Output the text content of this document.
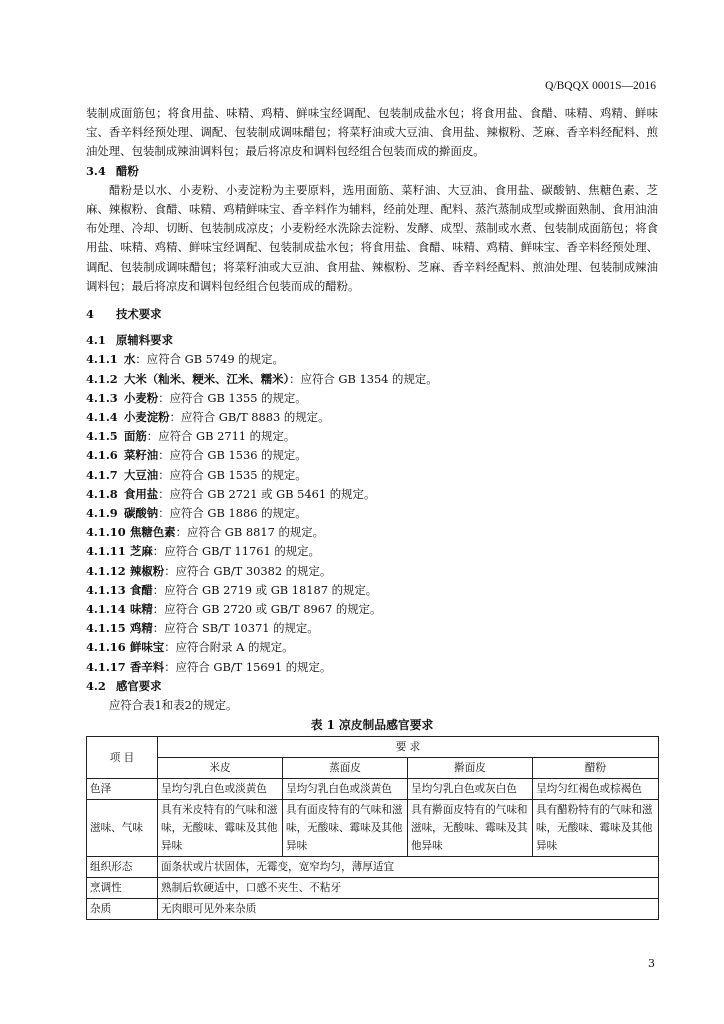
Q/BQQX 0001S—2016

装制成面筋包；将食用盐、味精、鸡精、鲜味宝经调配、包装制成盐水包；将食用盐、食醋、味精、鸡精、鲜味宝、香辛料经预处理、调配、包装制成调味醋包；将菜籽油或大豆油、食用盐、辣椒粉、芝麻、香辛料经配料、煎油处理、包装制成辣油调料包；最后将凉皮和调料包经组合包装而成的擀面皮。

3.4 醋粉

醋粉是以水、小麦粉、小麦淀粉为主要原料，选用面筋、菜籽油、大豆油、食用盐、碳酸钠、焦糖色素、芝麻、辣椒粉、食醋、味精、鸡精鲜味宝、香辛料作为辅料，经前处理、配料、蒸汽蒸制成型或擀面熟制、食用油油布处理、冷却、切断、包装制成凉皮；小麦粉经水洗除去淀粉、发酵、成型、蒸制或水煮、包装制成面筋包；将食用盐、味精、鸡精、鲜味宝经调配、包装制成盐水包；将食用盐、食醋、味精、鸡精、鲜味宝、香辛料经预处理、调配、包装制成调味醋包；将菜籽油或大豆油、食用盐、辣椒粉、芝麻、香辛料经配料、煎油处理、包装制成辣油调料包；最后将凉皮和调料包经组合包装而成的醋粉。

4 技术要求

4.1 原辅料要求

4.1.1 水：应符合 GB 5749 的规定。
4.1.2 大米（籼米、粳米、江米、糯米）：应符合 GB 1354 的规定。
4.1.3 小麦粉：应符合 GB 1355 的规定。
4.1.4 小麦淀粉：应符合 GB/T 8883 的规定。
4.1.5 面筋：应符合 GB 2711 的规定。
4.1.6 菜籽油：应符合 GB 1536 的规定。
4.1.7 大豆油：应符合 GB 1535 的规定。
4.1.8 食用盐：应符合 GB 2721 或 GB 5461 的规定。
4.1.9 碳酸钠：应符合 GB 1886 的规定。
4.1.10 焦糖色素：应符合 GB 8817 的规定。
4.1.11 芝麻：应符合 GB/T 11761 的规定。
4.1.12 辣椒粉：应符合 GB/T 30382 的规定。
4.1.13 食醋：应符合 GB 2719 或 GB 18187 的规定。
4.1.14 味精：应符合 GB 2720 或 GB/T 8967 的规定。
4.1.15 鸡精：应符合 SB/T 10371 的规定。
4.1.16 鲜味宝：应符合附录 A 的规定。
4.1.17 香辛料：应符合 GB/T 15691 的规定。

4.2 感官要求

应符合表1和表2的规定。

表 1 凉皮制品感官要求
项 目	要 求			
	米皮	蒸面皮	擀面皮	醋粉
色泽	呈均匀乳白色或淡黄色	呈均匀乳白色或淡黄色	呈均匀乳白色或灰白色	呈均匀红褐色或棕褐色
滋味、气味	具有米皮特有的气味和滋味，无酸味、霉味及其他异味	具有面皮特有的气味和滋味，无酸味、霉味及其他异味	具有擀面皮特有的气味和滋味，无酸味、霉味及其他异味	具有醋粉特有的气味和滋味，无酸味、霉味及其他异味
组织形态	面条状或片状固体，无霉变，宽窄均匀，薄厚适宜			
烹调性	熟制后软硬适中，口感不夹生、不粘牙			
杂质	无肉眼可见外来杂质			
3
